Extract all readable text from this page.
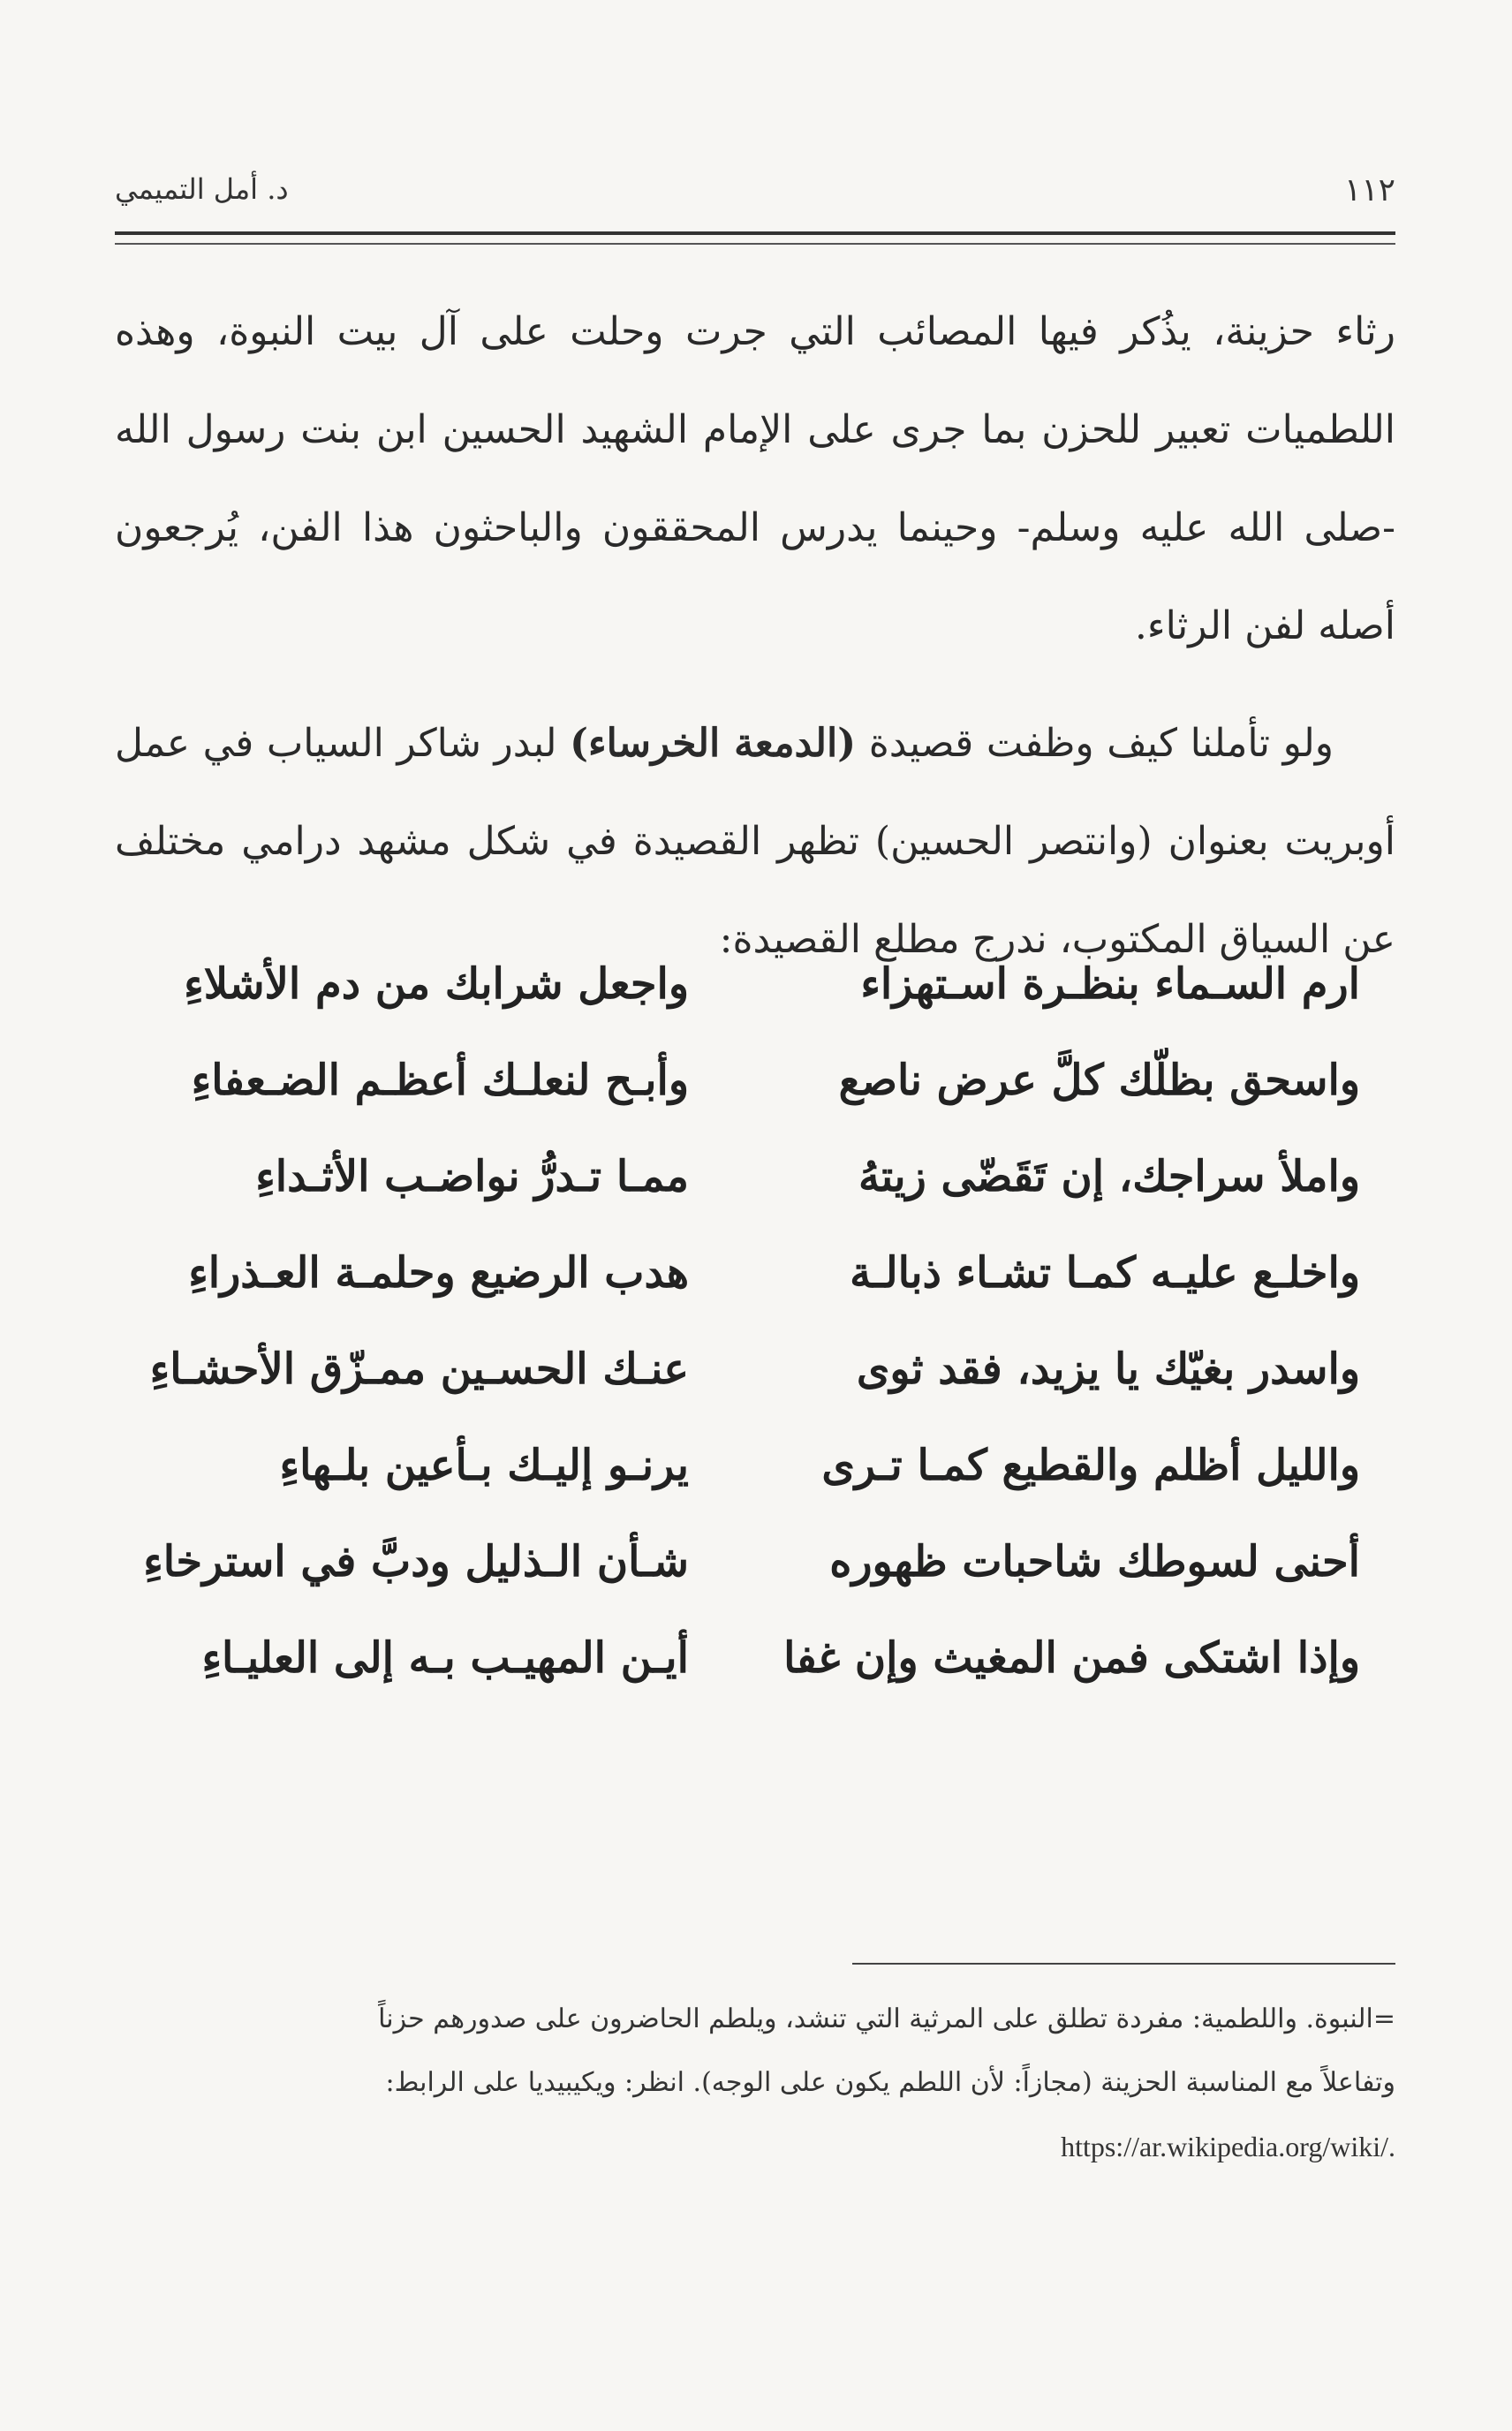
١١٢
د. أمل التميمي

رثاء حزينة، يذُكر فيها المصائب التي جرت وحلت على آل بيت النبوة، وهذه اللطميات تعبير للحزن بما جرى على الإمام الشهيد الحسين ابن بنت رسول الله -صلى الله عليه وسلم- وحينما يدرس المحققون والباحثون هذا الفن، يُرجعون أصله لفن الرثاء.

ولو تأملنا كيف وظفت قصيدة (الدمعة الخرساء) لبدر شاكر السياب في عمل أوبريت بعنوان (وانتصر الحسين) تظهر القصيدة في شكل مشهد درامي مختلف عن السياق المكتوب، ندرج مطلع القصيدة:

ارم السـماء بنظـرة اسـتهزاء
واجعل شرابك من دم الأشلاءِ
واسحق بظلّك كلَّ عرض ناصع
وأبـح لنعلـك أعظـم الضـعفاءِ
واملأ سراجك، إن تَقَضّى زيتهُ
ممـا تـدرُّ نواضـب الأثـداءِ
واخلـع عليـه كمـا تشـاء ذبالـة
هدب الرضيع وحلمـة العـذراءِ
واسدر بغيّك يا يزيد، فقد ثوى
عنـك الحسـين ممـزّق الأحشـاءِ
والليل أظلم والقطيع كمـا تـرى
يرنـو إليـك بـأعين بلـهاءِ
أحنى لسوطك شاحبات ظهوره
شـأن الـذليل ودبَّ في استرخاءِ
وإذا اشتكى فمن المغيث وإن غفا
أيـن المهيـب بـه إلى العليـاءِ

=النبوة. واللطمية: مفردة تطلق على المرثية التي تنشد، ويلطم الحاضرون على صدورهم حزناً

وتفاعلاً مع المناسبة الحزينة (مجازاً: لأن اللطم يكون على الوجه). انظر: ويكيبيديا على الرابط:

https://ar.wikipedia.org/wiki/.
